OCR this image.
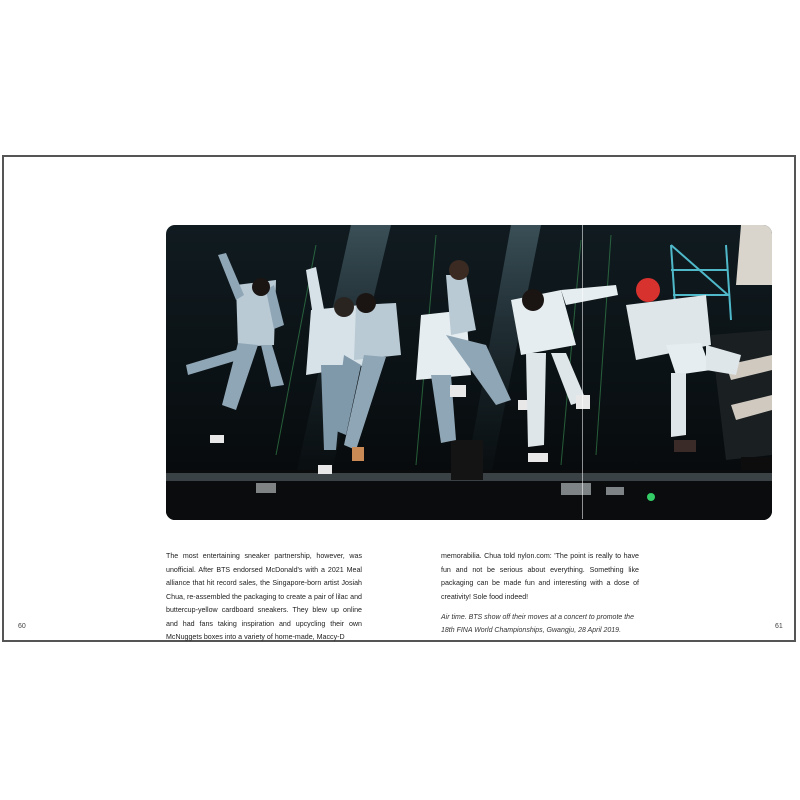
The most entertaining sneaker partnership, however, was unofficial. After BTS endorsed McDonald's with a 2021 Meal alliance that hit record sales, the Singapore-born artist Josiah Chua, re-assembled the packaging to create a pair of lilac and buttercup-yellow cardboard sneakers. They blew up online and had fans taking inspiration and upcycling their own McNuggets boxes into a variety of home-made, Maccy-D

memorabilia. Chua told nylon.com: 'The point is really to have fun and not be serious about everything. Something like packaging can be made fun and interesting with a dose of creativity! Sole food indeed!

Air time. BTS show off their moves at a concert to promote the 18th FINA World Championships, Gwangju, 28 April 2019.

60	61
